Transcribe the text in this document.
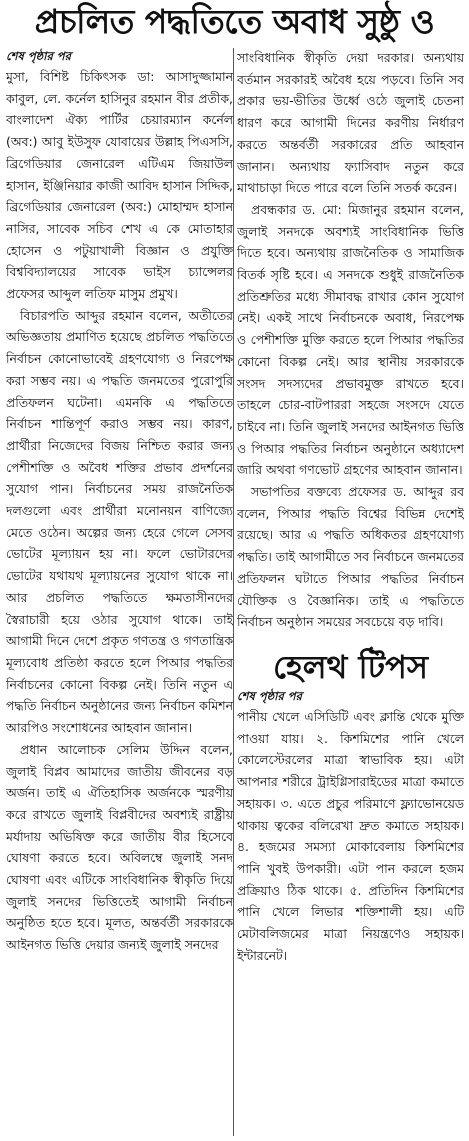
প্রচলিত পদ্ধতিতে অবাধ সুষ্ঠু ও
শেষ পৃষ্ঠার পর

মুসা, বিশিষ্ট চিকিৎসক ডা: আসাদুজ্জামান কাবুল, লে. কর্নেল হাসিনুর রহমান বীর প্রতীক, বাংলাদেশ ঐক্য পার্টির চেয়ারম্যান কর্নেল (অব:) আবু ইউসুফ যোবায়ের উল্লাহ পিএসসি, ব্রিগেডিয়ার জেনারেল এটিএম জিয়াউল হাসান, ইঞ্জিনিয়ার কাজী আবিদ হাসান সিদ্দিক, ব্রিগেডিয়ার জেনারেল (অব:) মোহাম্মদ হাসান নাসির, সাবেক সচিব শেখ এ কে মোতাহার হোসেন ও পটুয়াখালী বিজ্ঞান ও প্রযুক্তি বিশ্ববিদ্যালয়ের সাবেক ভাইস চ্যান্সেলর প্রফেসর আব্দুল লতিফ মাসুম প্রমুখ।

বিচারপতি আব্দুর রহমান বলেন, অতীতের অভিজ্ঞতায় প্রমাণিত হয়েছে প্রচলিত পদ্ধতিতে নির্বাচন কোনোভাবেই গ্রহণযোগ্য ও নিরপেক্ষ করা সম্ভব নয়। এ পদ্ধতি জনমতের পুরোপুরি প্রতিফলন ঘটেনা। এমনকি এ পদ্ধতিতে নির্বাচন শান্তিপূর্ণ করাও সম্ভব নয়। কারণ, প্রার্থীরা নিজেদের বিজয় নিশ্চিত করার জন্য পেশীশক্তি ও অবৈধ শক্তির প্রভাব প্রদর্শনের সুযোগ পান। নির্বাচনের সময় রাজনৈতিক দলগুলো এবং প্রার্থীরা মনোনয়ন বাণিজ্যে মেতে ওঠেন। অল্পের জন্য হেরে গেলে সেসব ভোটের মূল্যায়ন হয় না। ফলে ভোটারদের ভোটের যথাযথ মূল্যায়নের সুযোগ থাকে না। আর প্রচলিত পদ্ধতিতে ক্ষমতাসীনদের স্বৈরাচারী হয়ে ওঠার সুযোগ থাকে। তাই আগামী দিনে দেশে প্রকৃত গণতন্ত্র ও গণতান্ত্রিক মূল্যবোধ প্রতিষ্ঠা করতে হলে পিআর পদ্ধতির নির্বাচনের কোনো বিকল্প নেই। তিনি নতুন এ পদ্ধতি নির্বাচন অনুষ্ঠানের জন্য নির্বাচন কমিশন আরপিও সংশোধনের আহবান জানান।

প্রধান আলোচক সেলিম উদ্দিন বলেন, জুলাই বিপ্লব আমাদের জাতীয় জীবনের বড় অর্জন। তাই এ ঐতিহাসিক অর্জনকে স্মরণীয় করে রাখতে জুলাই বিপ্লবীদের অবশ্যই রাষ্ট্রীয় মর্যাদায় অভিষিক্ত করে জাতীয় বীর হিসেবে ঘোষণা করতে হবে। অবিলম্বে জুলাই সনদ ঘোষণা এবং এটিকে সাংবিধানিক স্বীকৃতি দিয়ে জুলাই সনদের ভিত্তিতেই আগামী নির্বাচন অনুষ্ঠিত হতে হবে। মূলত, অন্তর্বর্তী সরকারকে আইনগত ভিত্তি দেয়ার জন্যই জুলাই সনদের

সাংবিধানিক স্বীকৃতি দেয়া দরকার। অন্যথায় বর্তমান সরকারই অবৈধ হয়ে পড়বে। তিনি সব প্রকার ভয়-ভীতির উর্ধ্বে ওঠে জুলাই চেতনা ধারণ করে আগামী দিনের করণীয় নির্ধারণ করতে অন্তর্বর্তী সরকারের প্রতি আহবান জানান। অন্যথায় ফ্যাসিবাদ নতুন করে মাথাচাড়া দিতে পারে বলে তিনি সতর্ক করেন।

প্রবন্ধকার ড. মো: মিজানুর রহমান বলেন, জুলাই সনদকে অবশ্যই সাংবিধানিক ভিত্তি দিতে হবে। অন্যথায় রাজনৈতিক ও সামাজিক বিতর্ক সৃষ্টি হবে। এ সনদকে শুধুই রাজনৈতিক প্রতিশ্রুতির মধ্যে সীমাবদ্ধ রাখার কোন সুযোগ নেই। একই সাথে নির্বাচনকে অবাধ, নিরপেক্ষ ও পেশীশক্তি মুক্তি করতে হলে পিআর পদ্ধতির কোনো বিকল্প নেই। আর স্থানীয় সরকারকে সংসদ সদস্যদের প্রভাবমুক্ত রাখতে হবে। তাহলে চোর-বাটপাররা সহজে সংসদে যেতে চাইবে না। তিনি জুলাই সনদের আইনগত ভিত্তি ও পিআর পদ্ধতির নির্বাচন অনুষ্ঠানে অধ্যাদেশ জারি অথবা গণভোট গ্রহণের আহবান জানান।

সভাপতির বক্তব্যে প্রফেসর ড. আব্দুর রব বলেন, পিআর পদ্ধতি বিশ্বের বিভিন্ন দেশেই রয়েছে। আর এ পদ্ধতি অধিকতর গ্রহণযোগ্য পদ্ধতি। তাই আগামীতে সব নির্বাচনে জনমতের প্রতিফলন ঘটাতে পিআর পদ্ধতির নির্বাচন যৌক্তিক ও বৈজ্ঞানিক। তাই এ পদ্ধতিতে নির্বাচন অনুষ্ঠান সময়ের সবচেয়ে বড় দাবি।

হেলথ টিপস
শেষ পৃষ্ঠার পর

পানীয় খেলে এসিডিটি এবং ক্লান্তি থেকে মুক্তি পাওয়া যায়। ২. কিশমিশের পানি খেলে কোলেস্টেরলের মাত্রা স্বাভাবিক হয়। এটা আপনার শরীরে ট্রাইগ্লিসারাইডের মাত্রা কমাতে সহায়ক। ৩. এতে প্রচুর পরিমাণে ফ্ল্যাভোনয়েড থাকায় ত্বকের বলিরেখা দ্রুত কমাতে সহায়ক। ৪. হজমের সমস্যা মোকাবেলায় কিশমিশের পানি খুবই উপকারী। এটা পান করলে হজম প্রক্রিয়াও ঠিক থাকে। ৫. প্রতিদিন কিশমিশের পানি খেলে লিভার শক্তিশালী হয়। এটি মেটাবলিজমের মাত্রা নিয়ন্ত্রণেও সহায়ক। ইন্টারনেট।
